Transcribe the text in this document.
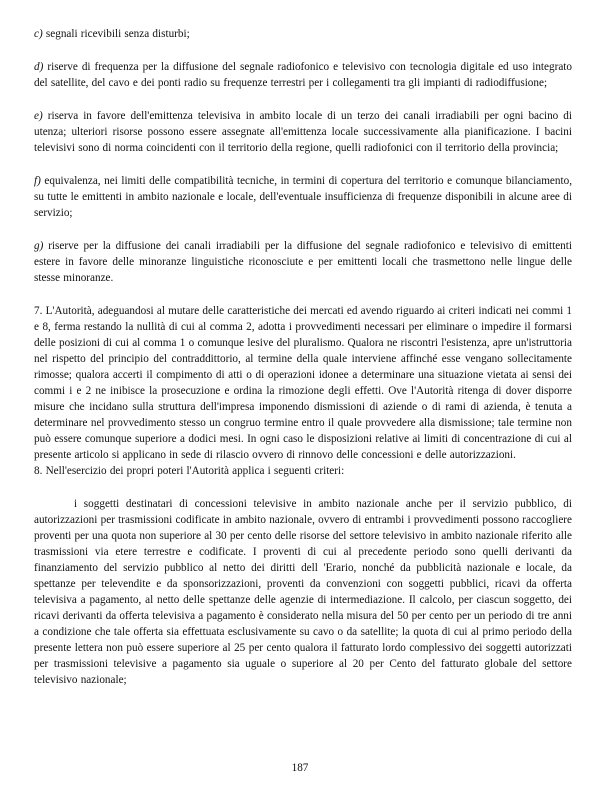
c) segnali ricevibili senza disturbi;

d) riserve di frequenza per la diffusione del segnale radiofonico e televisivo con tecnologia digitale ed uso integrato del satellite, del cavo e dei ponti radio su frequenze terrestri per i collegamenti tra gli impianti di radiodiffusione;

e) riserva in favore dell'emittenza televisiva in ambito locale di un terzo dei canali irradiabili per ogni bacino di utenza; ulteriori risorse possono essere assegnate all'emittenza locale successivamente alla pianificazione. I bacini televisivi sono di norma coincidenti con il territorio della regione, quelli radiofonici con il territorio della provincia;

f) equivalenza, nei limiti delle compatibilità tecniche, in termini di copertura del territorio e comunque bilanciamento, su tutte le emittenti in ambito nazionale e locale, dell'eventuale insufficienza di frequenze disponibili in alcune aree di servizio;

g) riserve per la diffusione dei canali irradiabili per la diffusione del segnale radiofonico e televisivo di emittenti estere in favore delle minoranze linguistiche riconosciute e per emittenti locali che trasmettono nelle lingue delle stesse minoranze.

7. L'Autorità, adeguandosi al mutare delle caratteristiche dei mercati ed avendo riguardo ai criteri indicati nei commi 1 e 8, ferma restando la nullità di cui al comma 2, adotta i provvedimenti necessari per eliminare o impedire il formarsi delle posizioni di cui al comma 1 o comunque lesive del pluralismo. Qualora ne riscontri l'esistenza, apre un'istruttoria nel rispetto del principio del contraddittorio, al termine della quale interviene affinché esse vengano sollecitamente rimosse; qualora accerti il compimento di atti o di operazioni idonee a determinare una situazione vietata ai sensi dei commi i e 2 ne inibisce la prosecuzione e ordina la rimozione degli effetti. Ove l'Autorità ritenga di dover disporre misure che incidano sulla struttura dell'impresa imponendo dismissioni di aziende o di rami di azienda, è tenuta a determinare nel provvedimento stesso un congruo termine entro il quale provvedere alla dismissione; tale termine non può essere comunque superiore a dodici mesi. In ogni caso le disposizioni relative ai limiti di concentrazione di cui al presente articolo si applicano in sede di rilascio ovvero di rinnovo delle concessioni e delle autorizzazioni.

8. Nell'esercizio dei propri poteri l'Autorità applica i seguenti criteri:

i soggetti destinatari di concessioni televisive in ambito nazionale anche per il servizio pubblico, di autorizzazioni per trasmissioni codificate in ambito nazionale, ovvero di entrambi i provvedimenti possono raccogliere proventi per una quota non superiore al 30 per cento delle risorse del settore televisivo in ambito nazionale riferito alle trasmissioni via etere terrestre e codificate. I proventi di cui al precedente periodo sono quelli derivanti da finanziamento del servizio pubblico al netto dei diritti dell 'Erario, nonché da pubblicità nazionale e locale, da spettanze per televendite e da sponsorizzazioni, proventi da convenzioni con soggetti pubblici, ricavi da offerta televisiva a pagamento, al netto delle spettanze delle agenzie di intermediazione. Il calcolo, per ciascun soggetto, dei ricavi derivanti da offerta televisiva a pagamento è considerato nella misura del 50 per cento per un periodo di tre anni a condizione che tale offerta sia effettuata esclusivamente su cavo o da satellite; la quota di cui al primo periodo della presente lettera non può essere superiore al 25 per cento qualora il fatturato lordo complessivo dei soggetti autorizzati per trasmissioni televisive a pagamento sia uguale o superiore al 20 per Cento del fatturato globale del settore televisivo nazionale;

187
